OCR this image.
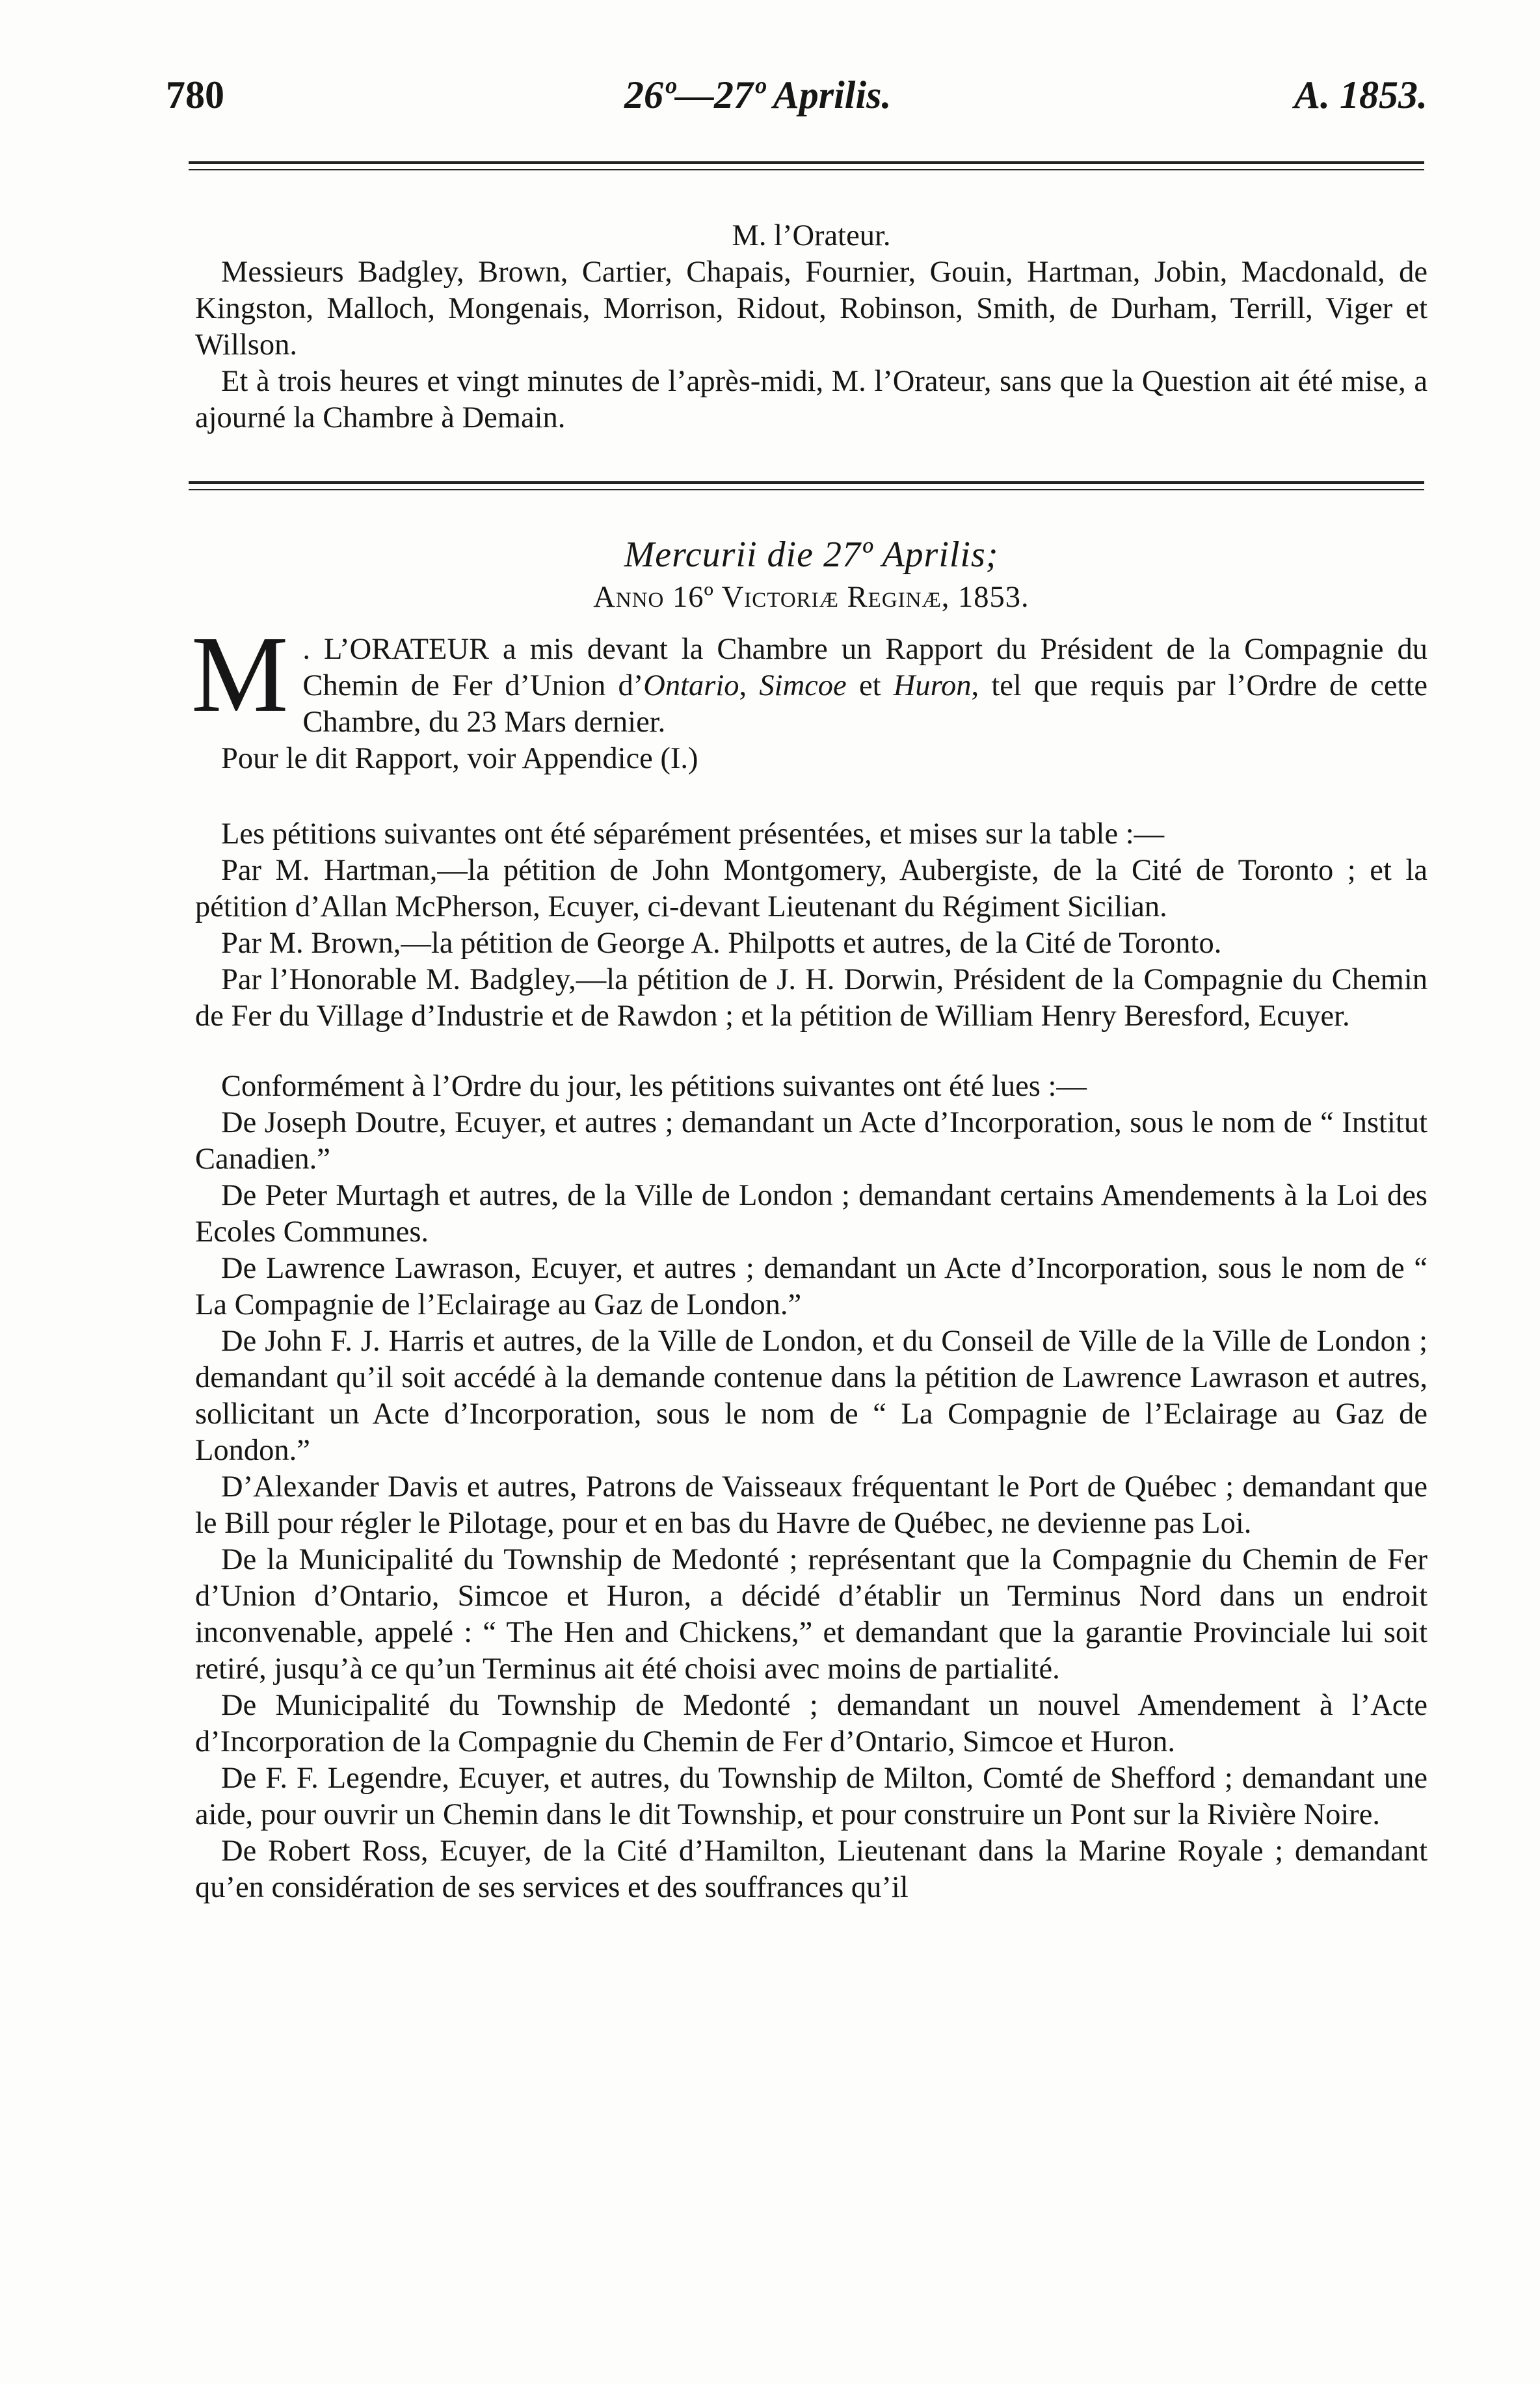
780	26º—27º Aprilis.	A. 1853.

M. l’Orateur.

Messieurs Badgley, Brown, Cartier, Chapais, Fournier, Gouin, Hartman, Jobin, Macdonald, de Kingston, Malloch, Mongenais, Morrison, Ridout, Robinson, Smith, de Durham, Terrill, Viger et Willson.

Et à trois heures et vingt minutes de l’après-midi, M. l’Orateur, sans que la Question ait été mise, a ajourné la Chambre à Demain.

Mercurii die 27º Aprilis;

Anno 16º Victoriæ Reginæ, 1853.

M . L’ORATEUR a mis devant la Chambre un Rapport du Président de la Compagnie du Chemin de Fer d’Union d’Ontario, Simcoe et Huron, tel que requis par l’Ordre de cette Chambre, du 23 Mars dernier.

Pour le dit Rapport, voir Appendice (I.)

Les pétitions suivantes ont été séparément présentées, et mises sur la table :—

Par M. Hartman,—la pétition de John Montgomery, Aubergiste, de la Cité de Toronto ; et la pétition d’Allan McPherson, Ecuyer, ci-devant Lieutenant du Régiment Sicilian.

Par M. Brown,—la pétition de George A. Philpotts et autres, de la Cité de Toronto.

Par l’Honorable M. Badgley,—la pétition de J. H. Dorwin, Président de la Compagnie du Chemin de Fer du Village d’Industrie et de Rawdon ; et la pétition de William Henry Beresford, Ecuyer.

Conformément à l’Ordre du jour, les pétitions suivantes ont été lues :—

De Joseph Doutre, Ecuyer, et autres ; demandant un Acte d’Incorporation, sous le nom de “ Institut Canadien.”

De Peter Murtagh et autres, de la Ville de London ; demandant certains Amendements à la Loi des Ecoles Communes.

De Lawrence Lawrason, Ecuyer, et autres ; demandant un Acte d’Incorporation, sous le nom de “ La Compagnie de l’Eclairage au Gaz de London.”

De John F. J. Harris et autres, de la Ville de London, et du Conseil de Ville de la Ville de London ; demandant qu’il soit accédé à la demande contenue dans la pétition de Lawrence Lawrason et autres, sollicitant un Acte d’Incorporation, sous le nom de “ La Compagnie de l’Eclairage au Gaz de London.”

D’Alexander Davis et autres, Patrons de Vaisseaux fréquentant le Port de Québec ; demandant que le Bill pour régler le Pilotage, pour et en bas du Havre de Québec, ne devienne pas Loi.

De la Municipalité du Township de Medonté ; représentant que la Compagnie du Chemin de Fer d’Union d’Ontario, Simcoe et Huron, a décidé d’établir un Terminus Nord dans un endroit inconvenable, appelé : “ The Hen and Chickens,” et demandant que la garantie Provinciale lui soit retiré, jusqu’à ce qu’un Terminus ait été choisi avec moins de partialité.

De Municipalité du Township de Medonté ; demandant un nouvel Amendement à l’Acte d’Incorporation de la Compagnie du Chemin de Fer d’Ontario, Simcoe et Huron.

De F. F. Legendre, Ecuyer, et autres, du Township de Milton, Comté de Shefford ; demandant une aide, pour ouvrir un Chemin dans le dit Township, et pour construire un Pont sur la Rivière Noire.

De Robert Ross, Ecuyer, de la Cité d’Hamilton, Lieutenant dans la Marine Royale ; demandant qu’en considération de ses services et des souffrances qu’il
